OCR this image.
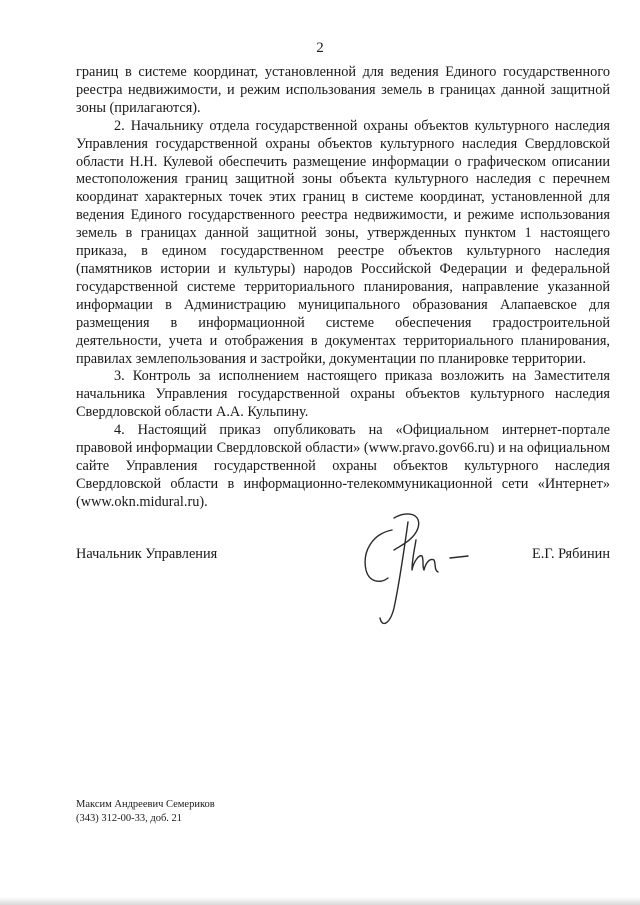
2

границ в системе координат, установленной для ведения Единого государственного реестра недвижимости, и режим использования земель в границах данной защитной зоны (прилагаются).

2. Начальнику отдела государственной охраны объектов культурного наследия Управления государственной охраны объектов культурного наследия Свердловской области Н.Н. Кулевой обеспечить размещение информации о графическом описании местоположения границ защитной зоны объекта культурного наследия с перечнем координат характерных точек этих границ в системе координат, установленной для ведения Единого государственного реестра недвижимости, и режиме использования земель в границах данной защитной зоны, утвержденных пунктом 1 настоящего приказа, в едином государственном реестре объектов культурного наследия (памятников истории и культуры) народов Российской Федерации и федеральной государственной системе территориального планирования, направление указанной информации в Администрацию муниципального образования Алапаевское для размещения в информационной системе обеспечения градостроительной деятельности, учета и отображения в документах территориального планирования, правилах землепользования и застройки, документации по планировке территории.

3. Контроль за исполнением настоящего приказа возложить на Заместителя начальника Управления государственной охраны объектов культурного наследия Свердловской области А.А. Кульпину.

4. Настоящий приказ опубликовать на «Официальном интернет-портале правовой информации Свердловской области» (www.pravo.gov66.ru) и на официальном сайте Управления государственной охраны объектов культурного наследия Свердловской области в информационно-телекоммуникационной сети «Интернет» (www.okn.midural.ru).

Начальник Управления	Е.Г. Рябинин
Максим Андреевич Семериков
(343) 312-00-33, доб. 21
